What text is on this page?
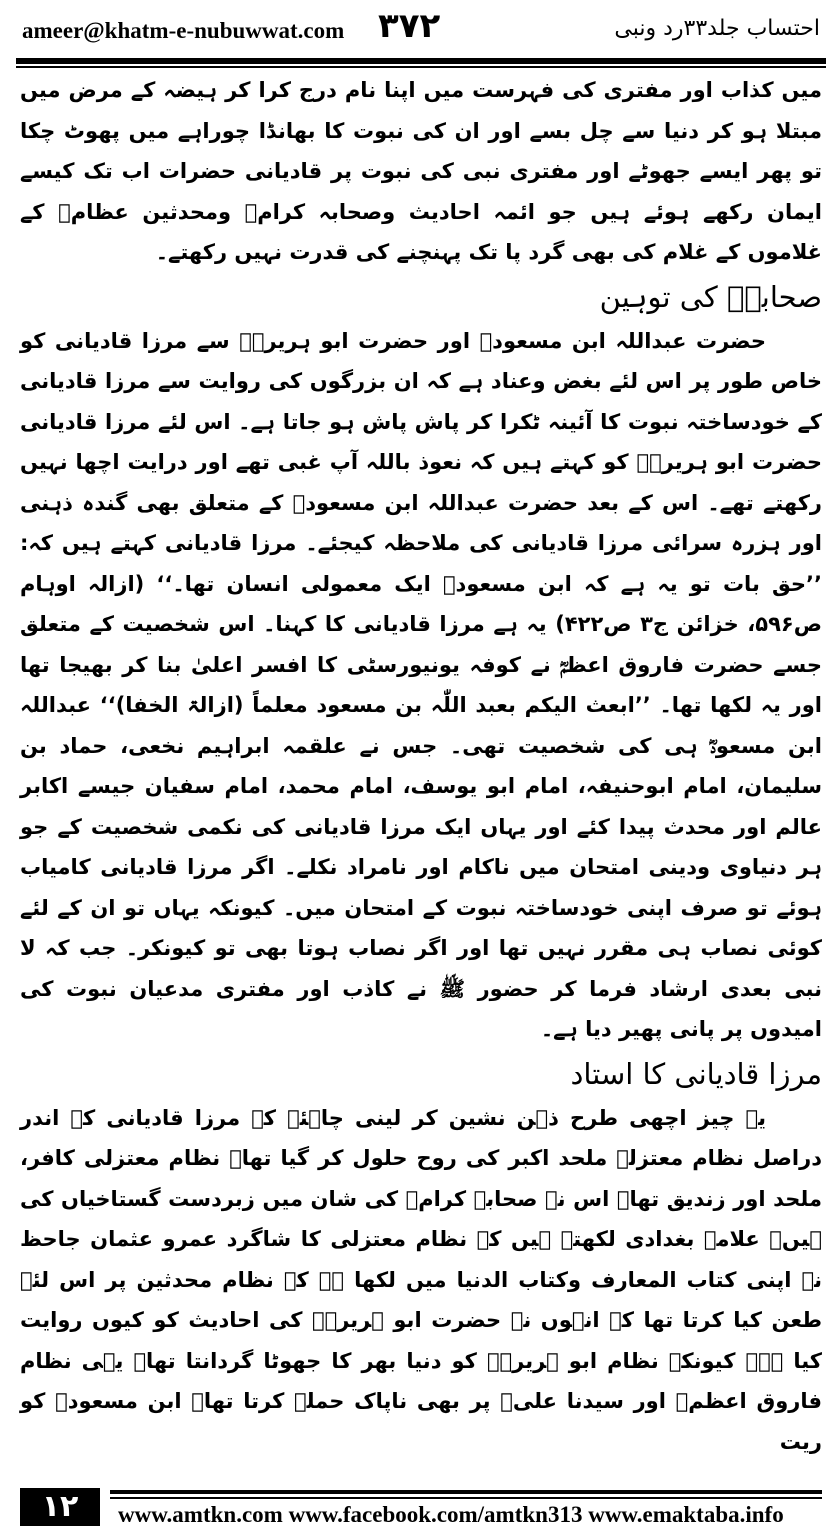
ameer@khatm-e-nubuwwat.com ۳۷۲	احتساب جلد۳۳رد ونبی

میں کذاب اور مفتری کی فہرست میں اپنا نام درج کرا کر ہیضہ کے مرض میں مبتلا ہو کر دنیا سے چل بسے اور ان کی نبوت کا بھانڈا چوراہے میں پھوٹ چکا تو پھر ایسے جھوٹے اور مفتری نبی کی نبوت پر قادیانی حضرات اب تک کیسے ایمان رکھے ہوئے ہیں جو ائمہ احادیث وصحابہ کرامؓ ومحدثین عظامؒ کے غلاموں کے غلام کی بھی گرد پا تک پہنچنے کی قدرت نہیں رکھتے۔

صحابہؓ کی توہین

حضرت عبداللہ ابن مسعودؓ اور حضرت ابو ہریرہؓ سے مرزا قادیانی کو خاص طور پر اس لئے بغض وعناد ہے کہ ان بزرگوں کی روایت سے مرزا قادیانی کے خودساختہ نبوت کا آئینہ ٹکرا کر پاش پاش ہو جاتا ہے۔ اس لئے مرزا قادیانی حضرت ابو ہریرہؓ کو کہتے ہیں کہ نعوذ باللہ آپ غبی تھے اور درایت اچھا نہیں رکھتے تھے۔ اس کے بعد حضرت عبداللہ ابن مسعودؓ کے متعلق بھی گندہ ذہنی اور ہزرہ سرائی مرزا قادیانی کی ملاحظہ کیجئے۔ مرزا قادیانی کہتے ہیں کہ: ’’حق بات تو یہ ہے کہ ابن مسعودؓ ایک معمولی انسان تھا۔‘‘ (ازالہ اوہام ص۵۹۶، خزائن ج۳ ص۴۲۲) یہ ہے مرزا قادیانی کا کہنا۔ اس شخصیت کے متعلق جسے حضرت فاروق اعظمؓ نے کوفہ یونیورسٹی کا افسر اعلیٰ بنا کر بھیجا تھا اور یہ لکھا تھا۔ ’’ابعث الیکم بعبد اللّٰہ بن مسعود معلماً (ازالۃ الخفا)‘‘ عبداللہ ابن مسعودؓ ہی کی شخصیت تھی۔ جس نے علقمہ ابراہیم نخعی، حماد بن سلیمان، امام ابوحنیفہ، امام ابو یوسف، امام محمد، امام سفیان جیسے اکابر عالم اور محدث پیدا کئے اور یہاں ایک مرزا قادیانی کی نکمی شخصیت کے جو ہر دنیاوی ودینی امتحان میں ناکام اور نامراد نکلے۔ اگر مرزا قادیانی کامیاب ہوئے تو صرف اپنی خودساختہ نبوت کے امتحان میں۔ کیونکہ یہاں تو ان کے لئے کوئی نصاب ہی مقرر نہیں تھا اور اگر نصاب ہوتا بھی تو کیونکر۔ جب کہ لا نبی بعدی ارشاد فرما کر حضور ﷺ نے کاذب اور مفتری مدعیان نبوت کی امیدوں پر پانی پھیر دیا ہے۔

مرزا قادیانی کا استاد

یہ چیز اچھی طرح ذہن نشین کر لینی چاہئے کہ مرزا قادیانی کے اندر دراصل نظام معتزلہ ملحد اکبر کی روح حلول کر گیا تھا۔ نظام معتزلی کافر، ملحد اور زندیق تھا۔ اس نے صحابہ کرامؓ کی شان میں زبردست گستاخیاں کی ہیں۔ علامہ بغدادی لکھتے ہیں کہ نظام معتزلی کا شاگرد عمرو عثمان جاحظ نے اپنی کتاب المعارف وکتاب الدنیا میں لکھا ہے کہ نظام محدثین پر اس لئے طعن کیا کرتا تھا کہ انہوں نے حضرت ابو ہریرہؓ کی احادیث کو کیوں روایت کیا ہے۔ کیونکہ نظام ابو ہریرہؓ کو دنیا بھر کا جھوٹا گردانتا تھا۔ یہی نظام فاروق اعظمؓ اور سیدنا علیؓ پر بھی ناپاک حملے کرتا تھا۔ ابن مسعودؓ کو ریت

۱۲	www.amtkn.com www.facebook.com/amtkn313 www.emaktaba.info
